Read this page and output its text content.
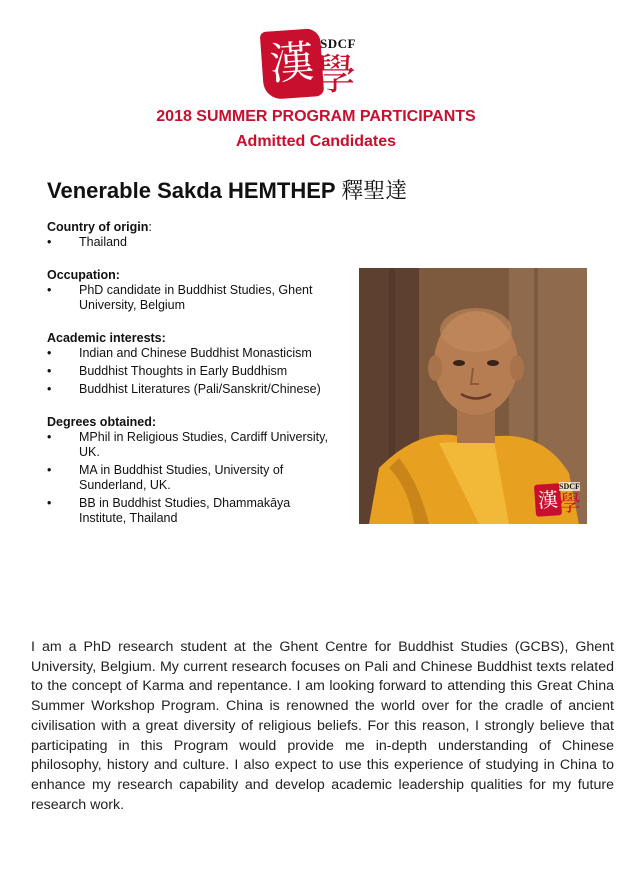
漢 SDCF
學
2018 SUMMER PROGRAM PARTICIPANTS
Admitted Candidates
Venerable Sakda HEMTHEP 釋聖達

Country of origin:

• Thailand

Occupation:

• PhD candidate in Buddhist Studies, Ghent University, Belgium

Academic interests:

• Indian and Chinese Buddhist Monasticism
• Buddhist Thoughts in Early Buddhism
• Buddhist Literatures (Pali/Sanskrit/Chinese)

Degrees obtained:

• MPhil in Religious Studies, Cardiff University, UK.
• MA in Buddhist Studies, University of Sunderland, UK.
• BB in Buddhist Studies, Dhammakāya Institute, Thailand
漢
SDCF
學
I am a PhD research student at the Ghent Centre for Buddhist Studies (GCBS), Ghent University, Belgium. My current research focuses on Pali and Chinese Buddhist texts related to the concept of Karma and repentance. I am looking forward to attending this Great China Summer Workshop Program. China is renowned the world over for the cradle of ancient civilisation with a great diversity of religious beliefs. For this reason, I strongly believe that participating in this Program would provide me in-depth understanding of Chinese philosophy, history and culture. I also expect to use this experience of studying in China to enhance my research capability and develop academic leadership qualities for my future research work.
